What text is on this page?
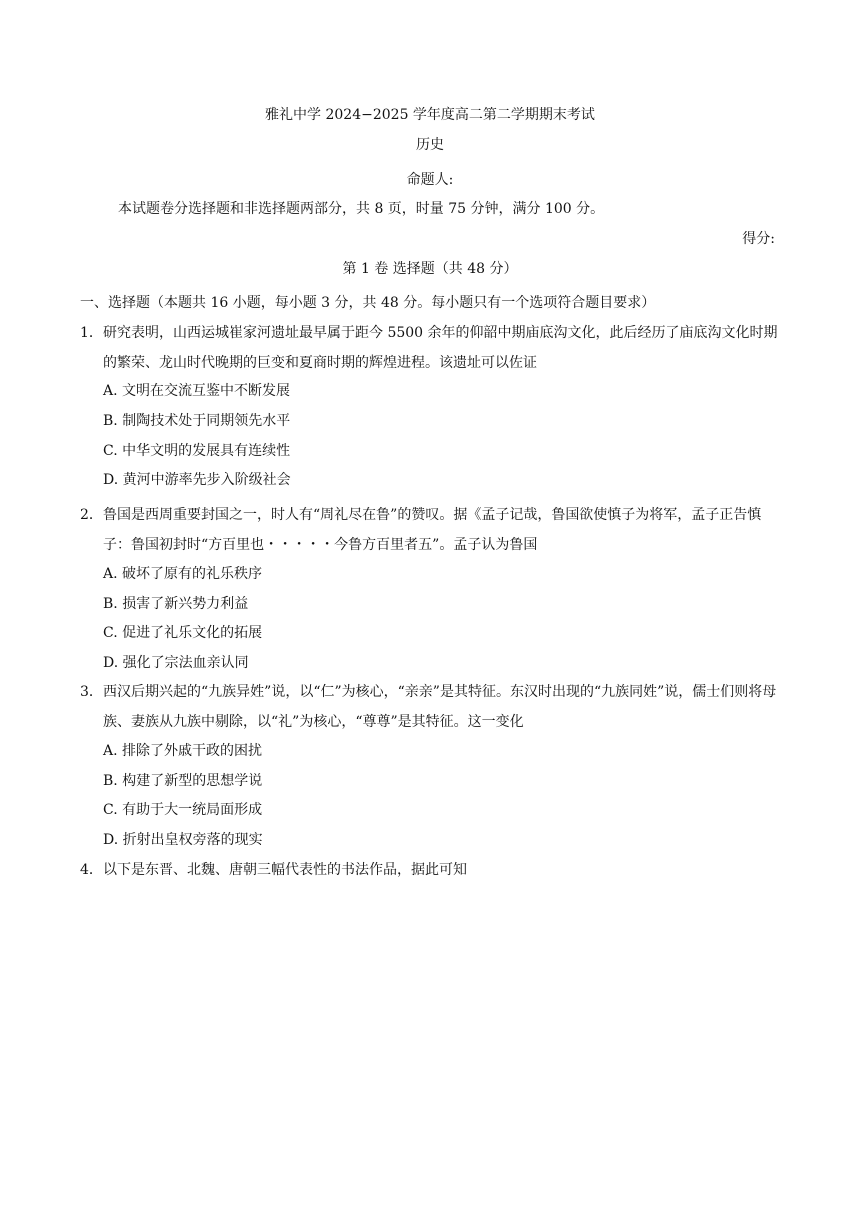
雅礼中学 2024−2025 学年度高二第二学期期末考试
历史
命题人:
本试题卷分选择题和非选择题两部分，共 8 页，时量 75 分钟，满分 100 分。
得分:
第 1 卷 选择题（共 48 分）
一、选择题（本题共 16 小题，每小题 3 分，共 48 分。每小题只有一个选项符合题目要求）
1． 研究表明，山西运城崔家河遗址最早属于距今 5500 余年的仰韶中期庙底沟文化，此后经历了庙底沟文化时期的繁荣、龙山时代晚期的巨变和夏商时期的辉煌进程。该遗址可以佐证
A. 文明在交流互鉴中不断发展
B. 制陶技术处于同期领先水平
C. 中华文明的发展具有连续性
D. 黄河中游率先步入阶级社会
2． 鲁国是西周重要封国之一，时人有“周礼尽在鲁”的赞叹。据《孟子记哉，鲁国欲使慎子为将军，孟子正告慎子：鲁国初封时“方百里也・・・・・今鲁方百里者五”。孟子认为鲁国
A. 破坏了原有的礼乐秩序
B. 损害了新兴势力利益
C. 促进了礼乐文化的拓展
D. 强化了宗法血亲认同
3． 西汉后期兴起的“九族异姓”说，以“仁”为核心，“亲亲”是其特征。东汉时出现的“九族同姓”说，儒士们则将母族、妻族从九族中剔除，以“礼”为核心，“尊尊”是其特征。这一变化
A. 排除了外戚干政的困扰
B. 构建了新型的思想学说
C. 有助于大一统局面形成
D. 折射出皇权旁落的现实
4． 以下是东晋、北魏、唐朝三幅代表性的书法作品，据此可知
